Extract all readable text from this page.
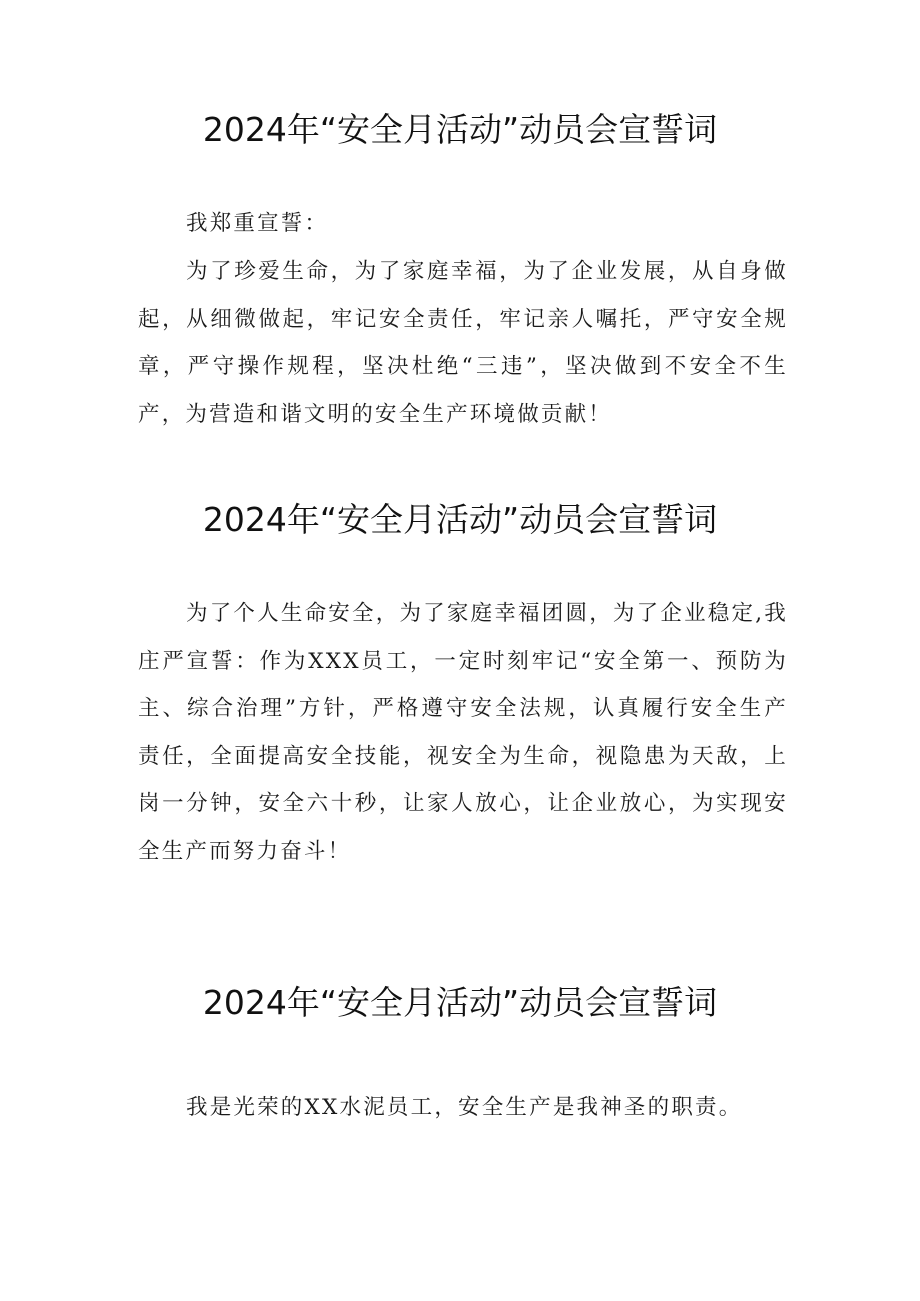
2024年“安全月活动”动员会宣誓词

我郑重宣誓：

为了珍爱生命，为了家庭幸福，为了企业发展，从自身做起，从细微做起，牢记安全责任，牢记亲人嘱托，严守安全规章，严守操作规程，坚决杜绝“三违”，坚决做到不安全不生产，为营造和谐文明的安全生产环境做贡献！

2024年“安全月活动”动员会宣誓词

为了个人生命安全，为了家庭幸福团圆，为了企业稳定,我庄严宣誓：作为XXX员工，一定时刻牢记“安全第一、预防为主、综合治理”方针，严格遵守安全法规，认真履行安全生产责任，全面提高安全技能，视安全为生命，视隐患为天敌，上岗一分钟，安全六十秒，让家人放心，让企业放心，为实现安全生产而努力奋斗！

2024年“安全月活动”动员会宣誓词

我是光荣的XX水泥员工，安全生产是我神圣的职责。
